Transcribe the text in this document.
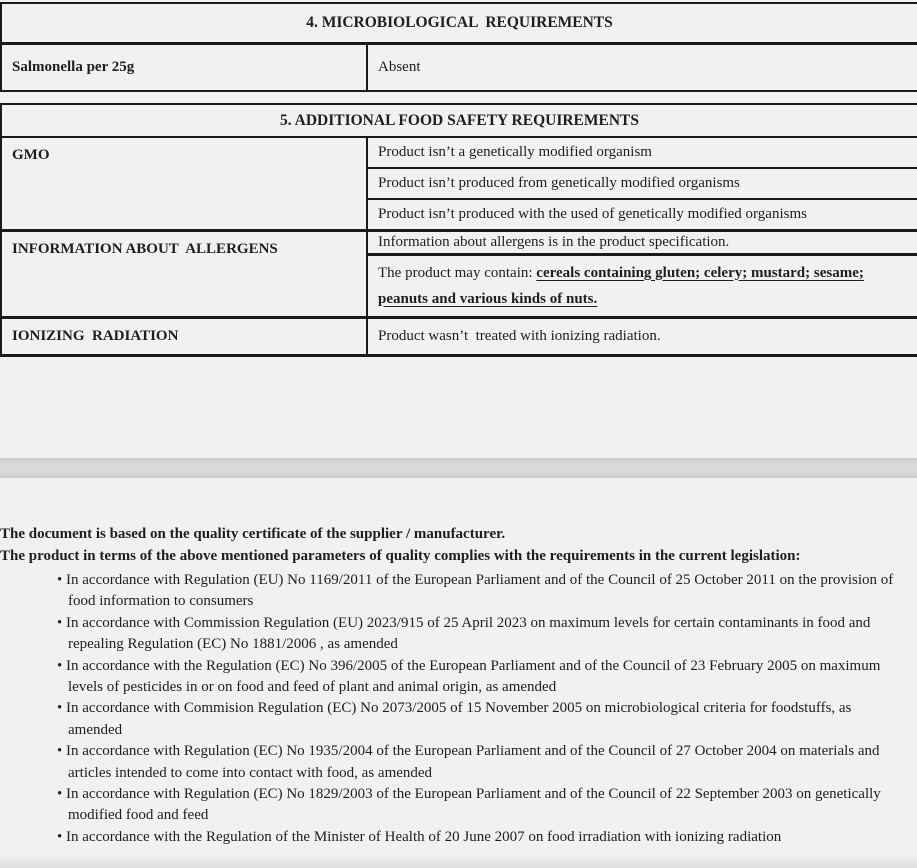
4. MICROBIOLOGICAL  REQUIREMENTS
Salmonella per 25g	Absent
5. ADDITIONAL FOOD SAFETY REQUIREMENTS
GMO	Product isn’t a genetically modified organism
	Product isn’t produced from genetically modified organisms
	Product isn’t produced with the used of genetically modified organisms
INFORMATION ABOUT  ALLERGENS	Information about allergens is in the product specification.

	The product may contain: cereals containing gluten; celery; mustard; sesame; peanuts and various kinds of nuts.

IONIZING  RADIATION	Product wasn’t  treated with ionizing radiation.

The document is based on the quality certificate of the supplier / manufacturer.

The product in terms of the above mentioned parameters of quality complies with the requirements in the current legislation:

• In accordance with Regulation (EU) No 1169/2011 of the European Parliament and of the Council of 25 October 2011 on the provision of food information to consumers
• In accordance with Commission Regulation (EU) 2023/915 of 25 April 2023 on maximum levels for certain contaminants in food and repealing Regulation (EC) No 1881/2006 , as amended
• In accordance with the Regulation (EC) No 396/2005 of the European Parliament and of the Council of 23 February 2005 on maximum levels of pesticides in or on food and feed of plant and animal origin, as amended
• In accordance with Commision Regulation (EC) No 2073/2005 of 15 November 2005 on microbiological criteria for foodstuffs, as amended
• In accordance with Regulation (EC) No 1935/2004 of the European Parliament and of the Council of 27 October 2004 on materials and articles intended to come into contact with food, as amended
• In accordance with Regulation (EC) No 1829/2003 of the European Parliament and of the Council of 22 September 2003 on genetically modified food and feed
• In accordance with the Regulation of the Minister of Health of 20 June 2007 on food irradiation with ionizing radiation
